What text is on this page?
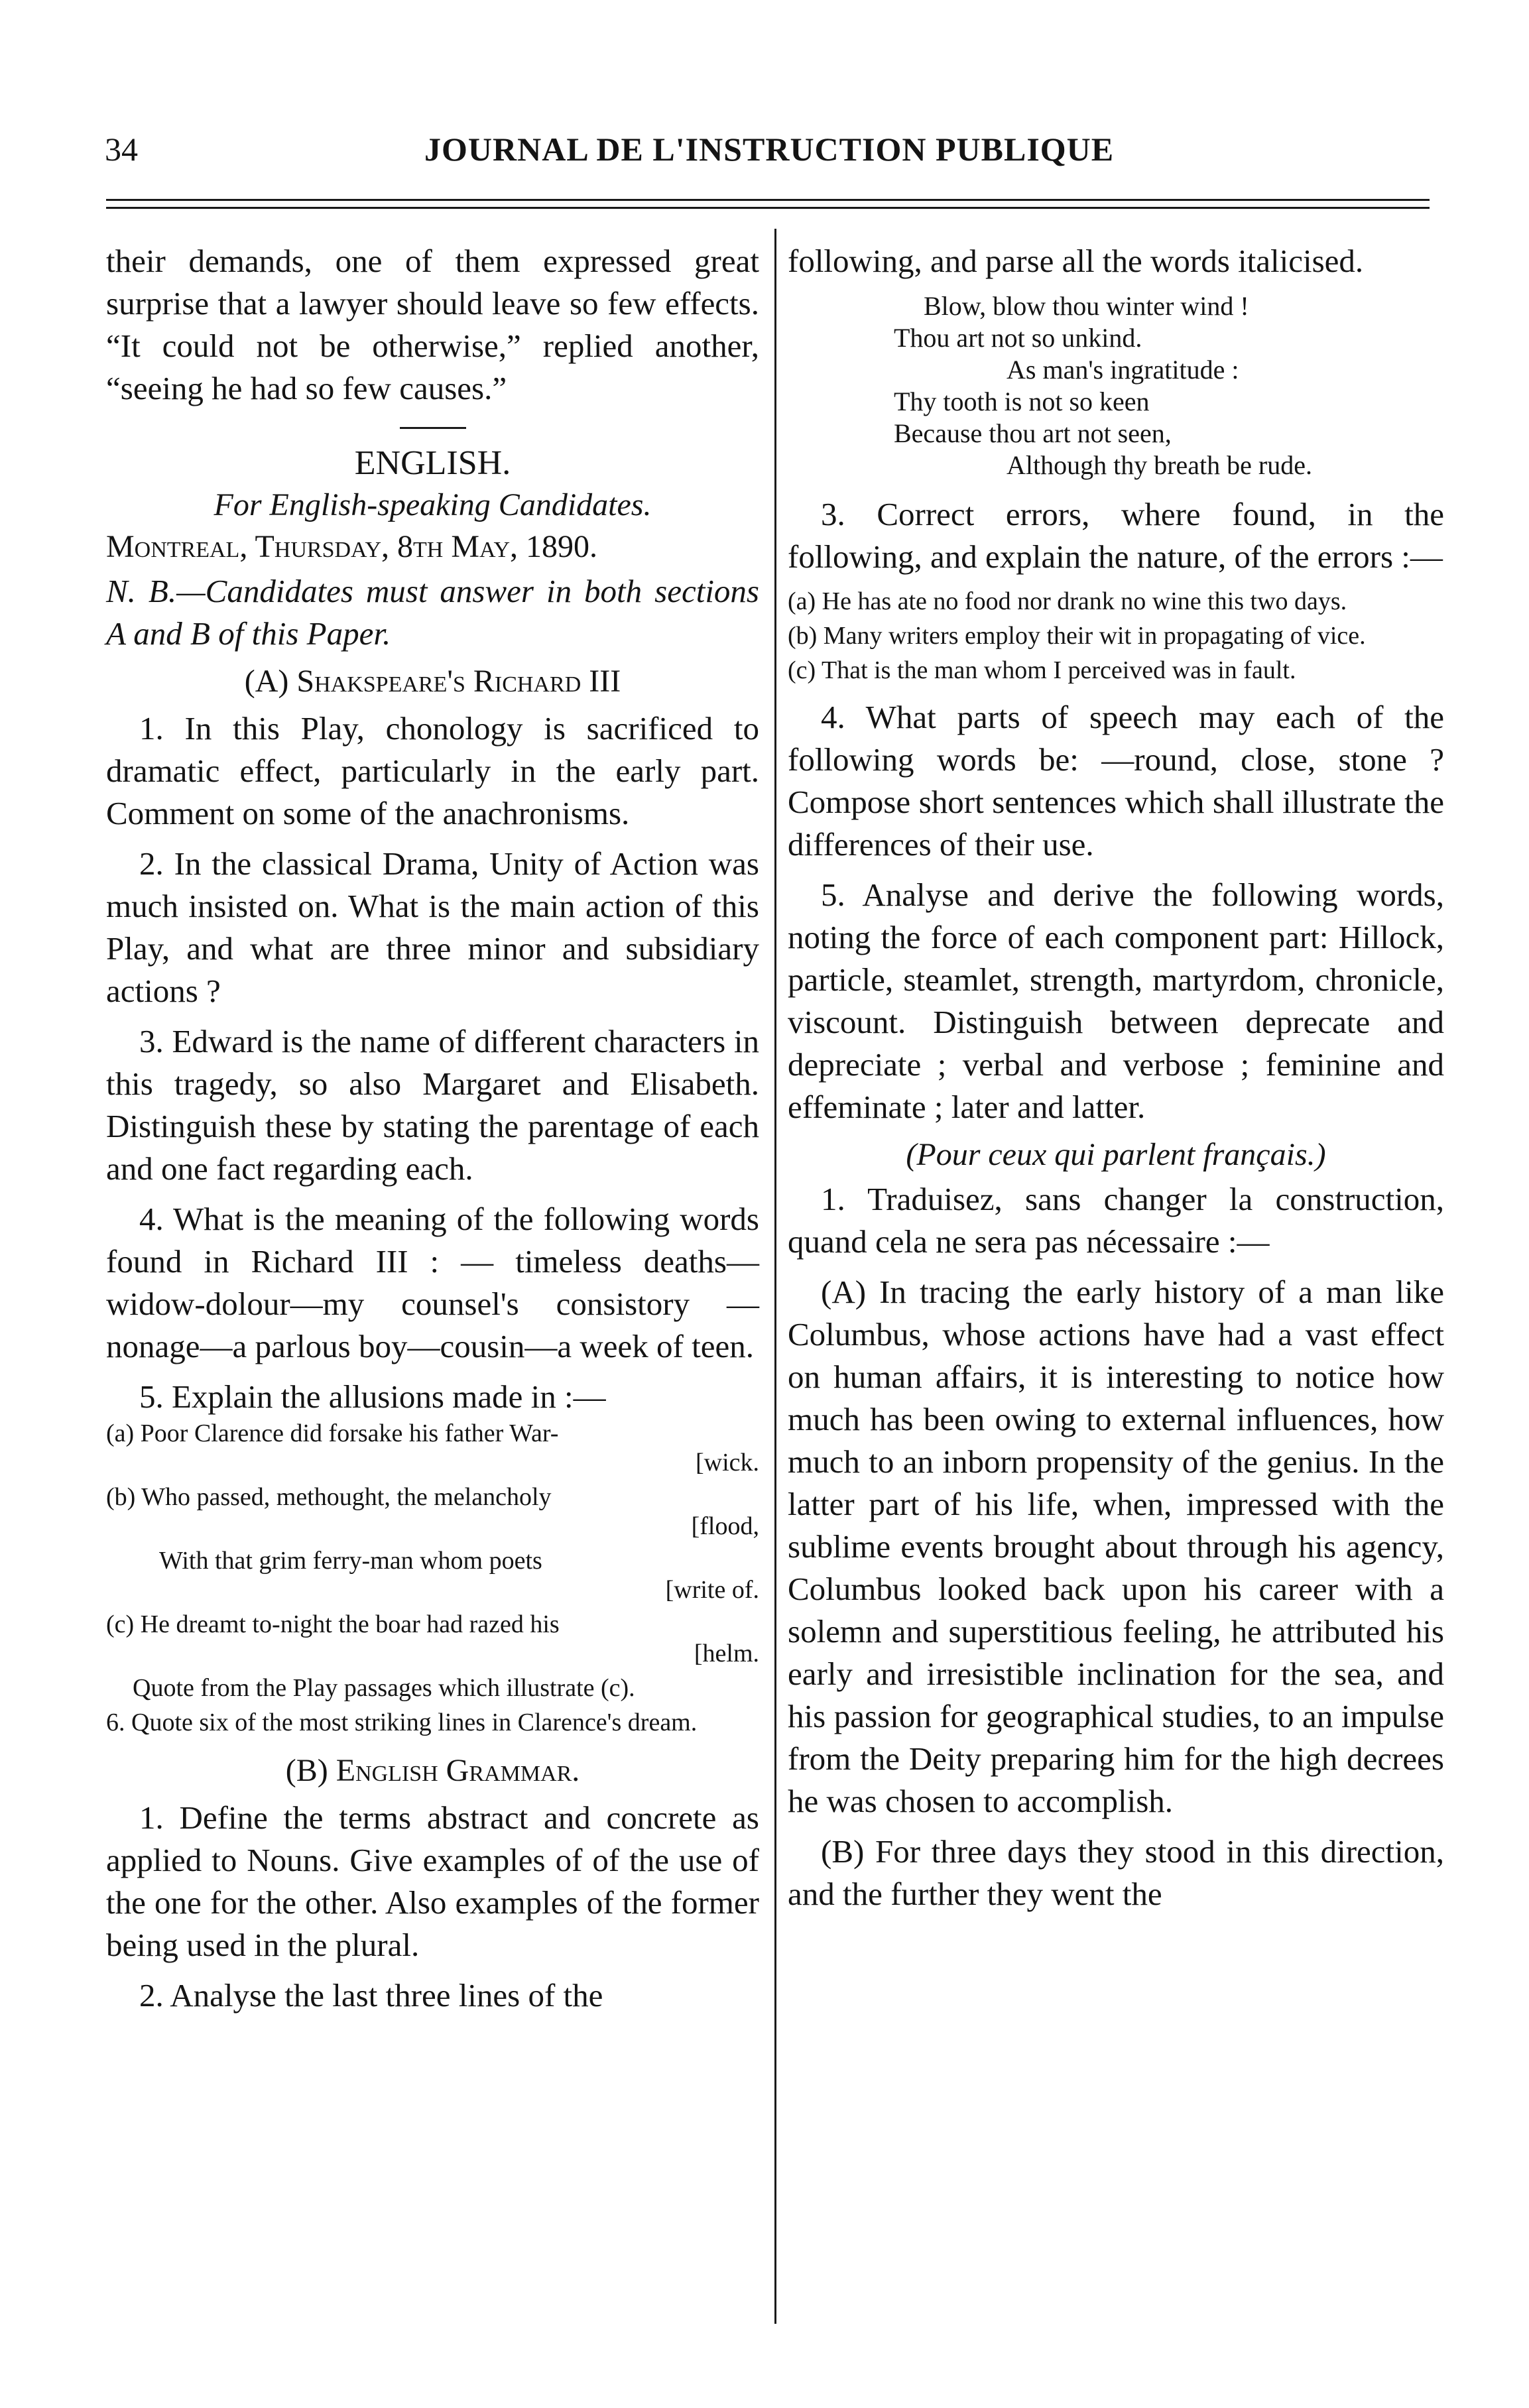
34	JOURNAL DE L'INSTRUCTION PUBLIQUE

their demands, one of them expressed great surprise that a lawyer should leave so few effects. “It could not be otherwise,” replied another, “seeing he had so few causes.”

ENGLISH.
For English-speaking Candidates.
Montreal, Thursday, 8th May, 1890.

N. B.—Candidates must answer in both sections A and B of this Paper.

(A) Shakspeare's Richard III

1. In this Play, chonology is sacrificed to dramatic effect, particularly in the early part. Comment on some of the anachronisms.

2. In the classical Drama, Unity of Action was much insisted on. What is the main action of this Play, and what are three minor and subsidiary actions ?

3. Edward is the name of different characters in this tragedy, so also Margaret and Elisabeth. Distinguish these by stating the parentage of each and one fact regarding each.

4. What is the meaning of the following words found in Richard III : — timeless deaths— widow-dolour—my counsel's consistory — nonage—a parlous boy—cousin—a week of teen.

5. Explain the allusions made in :—

(a) Poor Clarence did forsake his father War-
[wick.
(b) Who passed, methought, the melancholy
[flood,
With that grim ferry-man whom poets
[write of.
(c) He dreamt to-night the boar had razed his
[helm.
Quote from the Play passages which illustrate (c).
6. Quote six of the most striking lines in Clarence's dream.
(B) English Grammar.

1. Define the terms abstract and concrete as applied to Nouns. Give examples of of the use of the one for the other. Also examples of the former being used in the plural.

2. Analyse the last three lines of the

following, and parse all the words italicised.

Blow, blow thou winter wind !
Thou art not so unkind.
As man's ingratitude :
Thy tooth is not so keen
Because thou art not seen,
Although thy breath be rude.

3. Correct errors, where found, in the following, and explain the nature, of the errors :—

(a) He has ate no food nor drank no wine this two days.
(b) Many writers employ their wit in propagating of vice.
(c) That is the man whom I perceived was in fault.

4. What parts of speech may each of the following words be: —round, close, stone ? Compose short sentences which shall illustrate the differences of their use.

5. Analyse and derive the following words, noting the force of each component part: Hillock, particle, steamlet, strength, martyrdom, chronicle, viscount. Distinguish between deprecate and depreciate ; verbal and verbose ; feminine and effeminate ; later and latter.

(Pour ceux qui parlent français.)

1. Traduisez, sans changer la construction, quand cela ne sera pas nécessaire :—

(A) In tracing the early history of a man like Columbus, whose actions have had a vast effect on human affairs, it is interesting to notice how much has been owing to external influences, how much to an inborn propensity of the genius. In the latter part of his life, when, impressed with the sublime events brought about through his agency, Columbus looked back upon his career with a solemn and superstitious feeling, he attributed his early and irresistible inclination for the sea, and his passion for geographical studies, to an impulse from the Deity preparing him for the high decrees he was chosen to accomplish.

(B) For three days they stood in this direction, and the further they went the
